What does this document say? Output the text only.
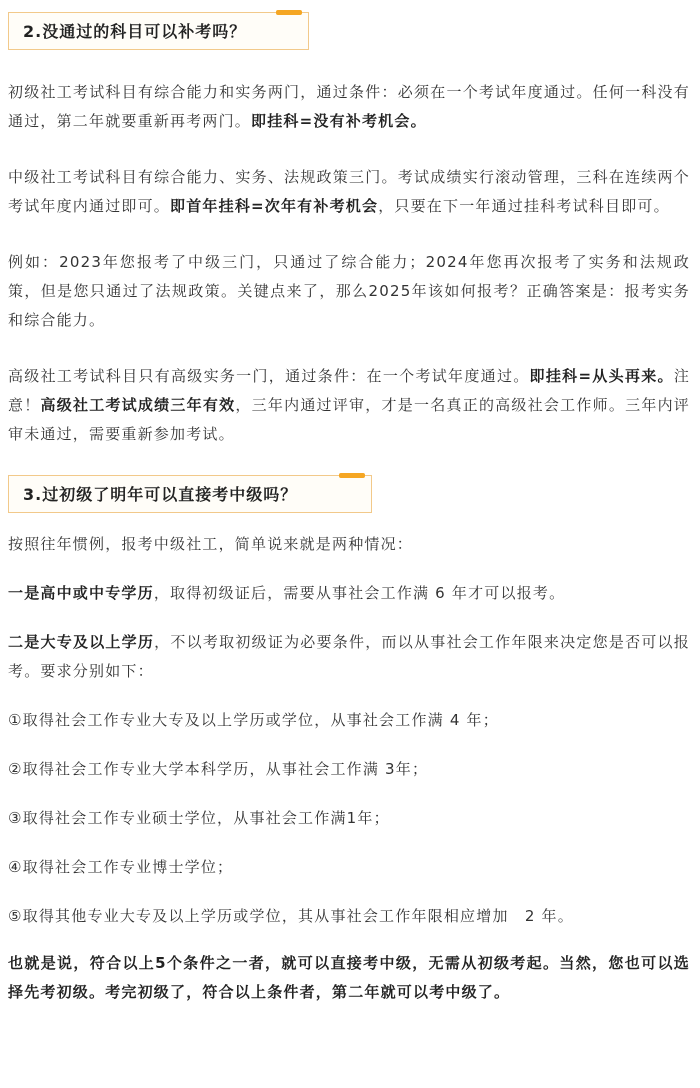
2.没通过的科目可以补考吗？

初级社工考试科目有综合能力和实务两门，通过条件：必须在一个考试年度通过。任何一科没有通过，第二年就要重新再考两门。即挂科=没有补考机会。

中级社工考试科目有综合能力、实务、法规政策三门。考试成绩实行滚动管理，三科在连续两个考试年度内通过即可。即首年挂科=次年有补考机会，只要在下一年通过挂科考试科目即可。

例如：2023年您报考了中级三门，只通过了综合能力；2024年您再次报考了实务和法规政策，但是您只通过了法规政策。关键点来了，那么2025年该如何报考？正确答案是：报考实务和综合能力。

高级社工考试科目只有高级实务一门，通过条件：在一个考试年度通过。即挂科=从头再来。注意！高级社工考试成绩三年有效，三年内通过评审，才是一名真正的高级社会工作师。三年内评审未通过，需要重新参加考试。

3.过初级了明年可以直接考中级吗？

按照往年惯例，报考中级社工，简单说来就是两种情况：

一是高中或中专学历，取得初级证后，需要从事社会工作满 6 年才可以报考。

二是大专及以上学历，不以考取初级证为必要条件，而以从事社会工作年限来决定您是否可以报考。要求分别如下：

①取得社会工作专业大专及以上学历或学位，从事社会工作满 4 年；

②取得社会工作专业大学本科学历，从事社会工作满 3年；

③取得社会工作专业硕士学位，从事社会工作满1年；

④取得社会工作专业博士学位；

⑤取得其他专业大专及以上学历或学位，其从事社会工作年限相应增加　2 年。

也就是说，符合以上5个条件之一者，就可以直接考中级，无需从初级考起。当然，您也可以选择先考初级。考完初级了，符合以上条件者，第二年就可以考中级了。
